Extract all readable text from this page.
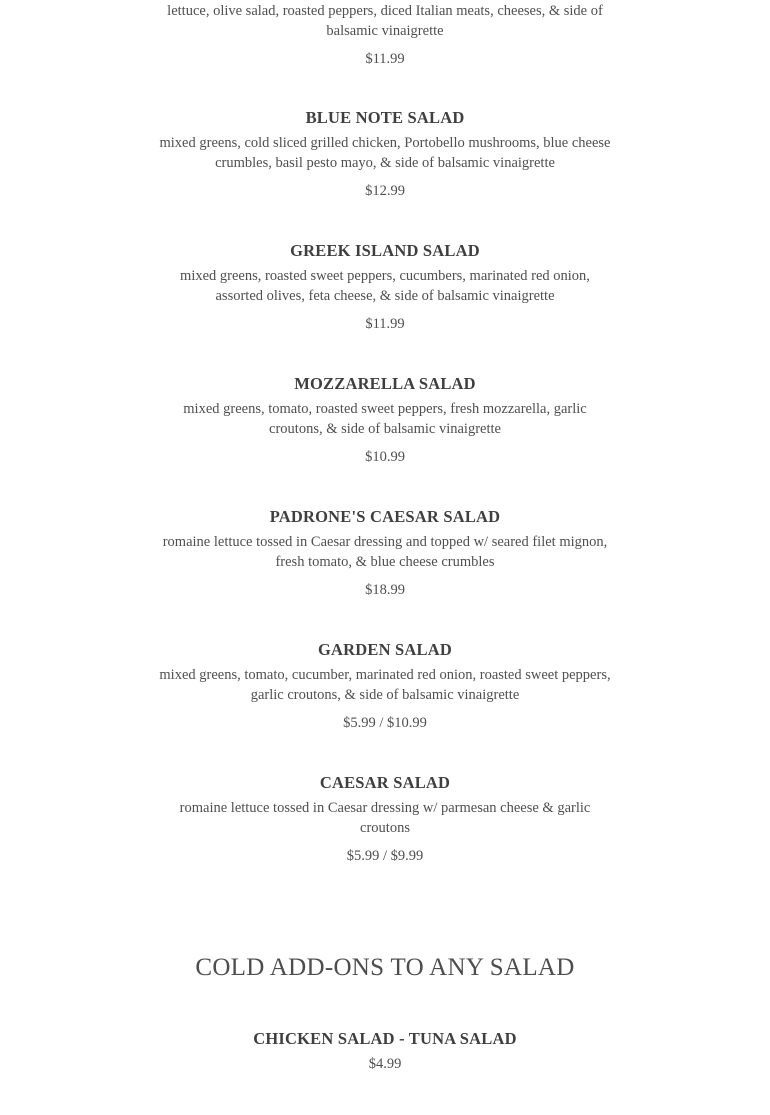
lettuce, olive salad, roasted peppers, diced Italian meats, cheeses, & side of balsamic vinaigrette
$11.99
BLUE NOTE SALAD
mixed greens, cold sliced grilled chicken, Portobello mushrooms, blue cheese crumbles, basil pesto mayo, & side of balsamic vinaigrette
$12.99
GREEK ISLAND SALAD
mixed greens, roasted sweet peppers, cucumbers, marinated red onion, assorted olives, feta cheese, & side of balsamic vinaigrette
$11.99
MOZZARELLA SALAD
mixed greens, tomato, roasted sweet peppers, fresh mozzarella, garlic croutons, & side of balsamic vinaigrette
$10.99
PADRONE'S CAESAR SALAD
romaine lettuce tossed in Caesar dressing and topped w/ seared filet mignon, fresh tomato, & blue cheese crumbles
$18.99
GARDEN SALAD
mixed greens, tomato, cucumber, marinated red onion, roasted sweet peppers, garlic croutons, & side of balsamic vinaigrette
$5.99 / $10.99
CAESAR SALAD
romaine lettuce tossed in Caesar dressing w/ parmesan cheese & garlic croutons
$5.99 / $9.99
COLD ADD-ONS TO ANY SALAD
CHICKEN SALAD - TUNA SALAD
$4.99
